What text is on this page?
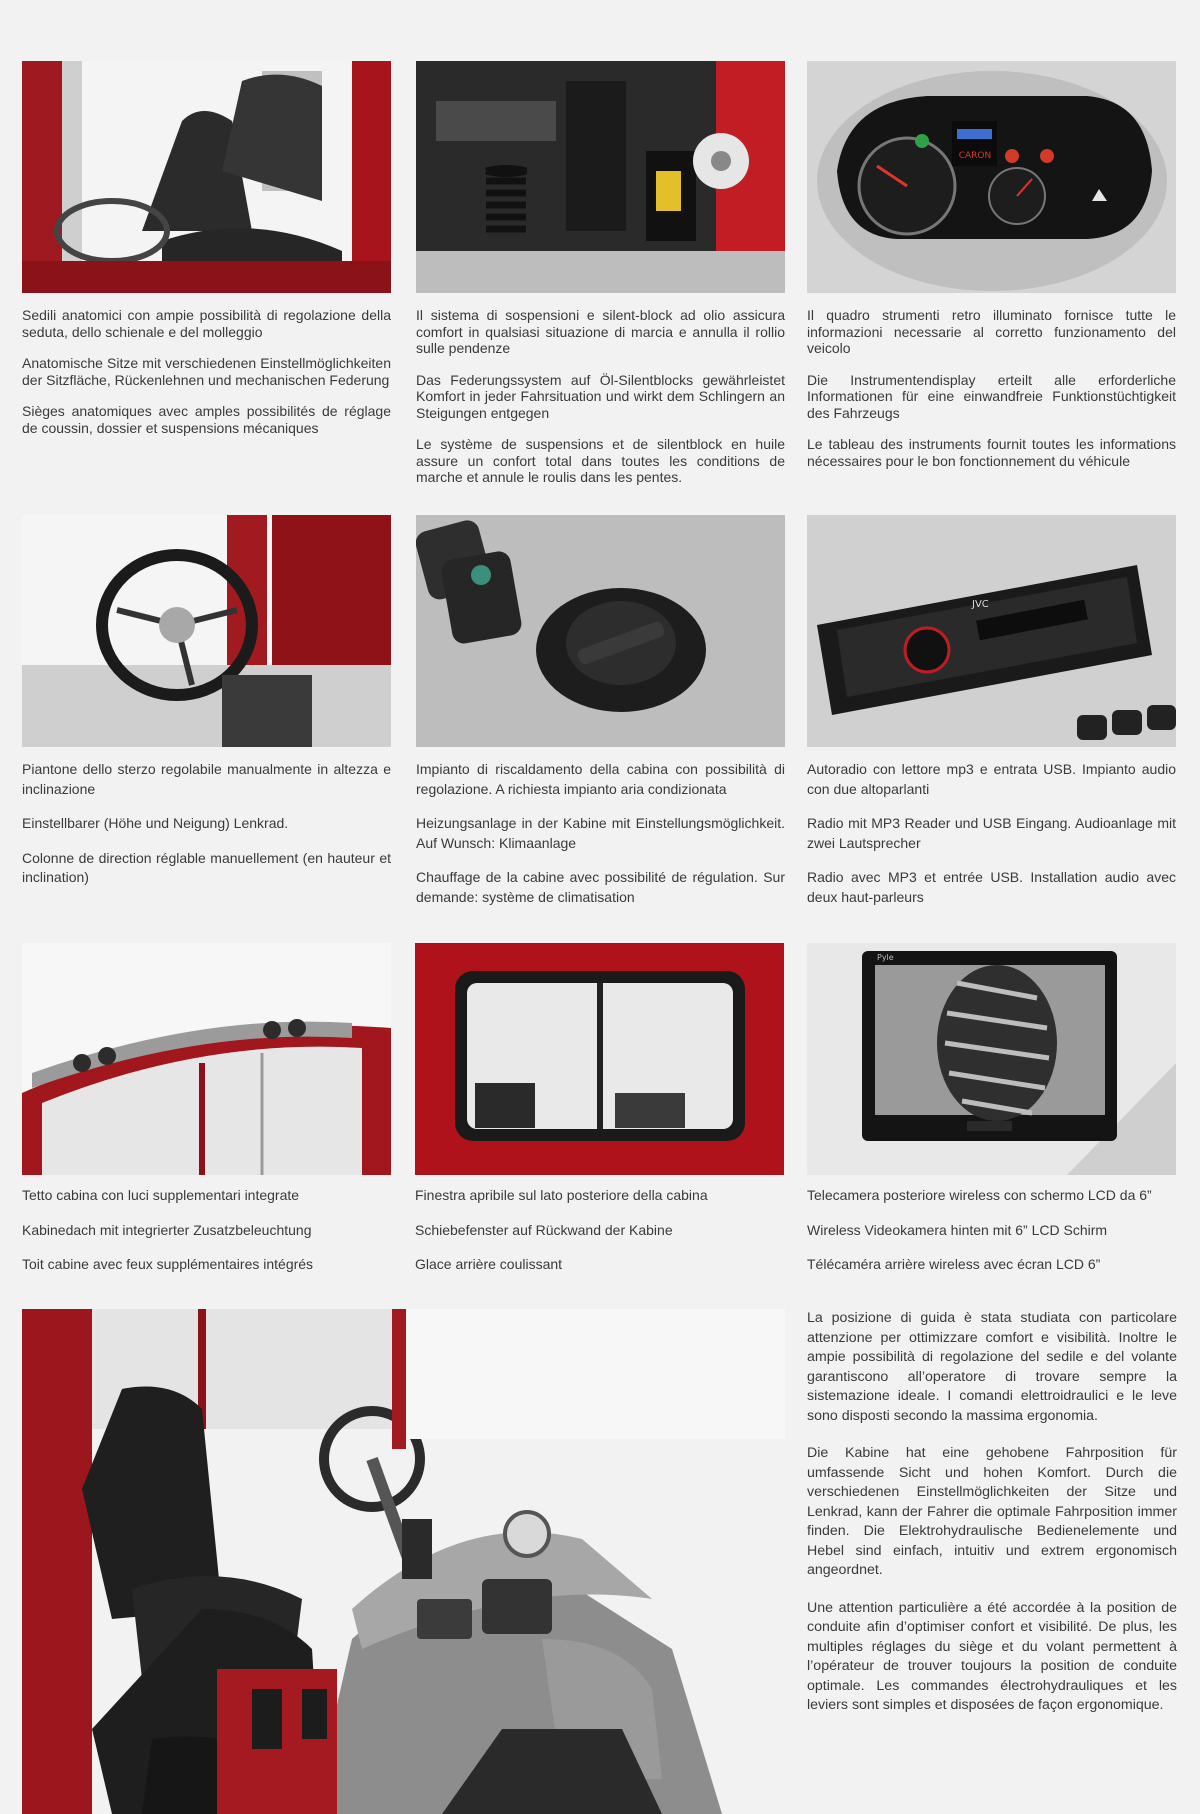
Sedili anatomici con ampie possibilità di regolazione della seduta, dello schienale e del molleggio

Anatomische Sitze mit verschiedenen Einstellmöglichkeiten der Sitzfläche, Rückenlehnen und mechanischen Federung

Sièges anatomiques avec amples possibilités de réglage de coussin, dossier et suspensions mécaniques

Il sistema di sospensioni e silent-block ad olio assicura comfort in qualsiasi situazione di marcia e annulla il rollio sulle pendenze

Das Federungssystem auf Öl-Silentblocks gewährleistet Komfort in jeder Fahrsituation und wirkt dem Schlingern an Steigungen entgegen

Le système de suspensions et de silentblock en huile assure un confort total dans toutes les conditions de marche et annule le roulis dans les pentes.

CARON

Il quadro strumenti retro illuminato fornisce tutte le informazioni necessarie al corretto funzionamento del veicolo

Die Instrumentendisplay erteilt alle erforderliche Informationen für eine einwandfreie Funktionstüchtigkeit des Fahrzeugs

Le tableau des instruments fournit toutes les informations nécessaires pour le bon fonctionnement du véhicule

Piantone dello sterzo regolabile manualmente in altezza e inclinazione

Einstellbarer (Höhe und Neigung) Lenkrad.

Colonne de direction réglable manuellement (en hauteur et inclination)

Impianto di riscaldamento della cabina con possibilità di regolazione. A richiesta impianto aria condizionata

Heizungsanlage in der Kabine mit Einstellungsmöglichkeit. Auf Wunsch: Klimaanlage

Chauffage de la cabine avec possibilité de régulation. Sur demande: système de climatisation

JVC

Autoradio con lettore mp3 e entrata USB. Impianto audio con due altoparlanti

Radio mit MP3 Reader und USB Eingang. Audioanlage mit zwei Lautsprecher

Radio avec MP3 et entrée USB. Installation audio avec deux haut-parleurs

Tetto cabina con luci supplementari integrate

Kabinedach mit integrierter Zusatzbeleuchtung

Toit cabine avec feux supplémentaires intégrés

Finestra apribile sul lato posteriore della cabina

Schiebefenster auf Rückwand der Kabine

Glace arrière coulissant

Pyle

Telecamera posteriore wireless con schermo LCD da 6”

Wireless Videokamera hinten mit 6” LCD Schirm

Télécaméra arrière wireless avec écran LCD 6”

La posizione di guida è stata studiata con particolare attenzione per ottimizzare comfort e visibilità. Inoltre le ampie possibilità di regolazione del sedile e del volante garantiscono all’operatore di trovare sempre la sistemazione ideale. I comandi elettroidraulici e le leve sono disposti secondo la massima ergonomia.

Die Kabine hat eine gehobene Fahrposition für umfassende Sicht und hohen Komfort. Durch die verschiedenen Einstellmöglichkeiten der Sitze und Lenkrad, kann der Fahrer die optimale Fahrposition immer finden. Die Elektrohydraulische Bedienelemente und Hebel sind einfach, intuitiv und extrem ergonomisch angeordnet.

Une attention particulière a été accordée à la position de conduite afin d’optimiser confort et visibilité. De plus, les multiples réglages du siège et du volant permettent à l’opérateur de trouver toujours la position de conduite optimale. Les commandes électrohydrauliques et les leviers sont simples et disposées de façon ergonomique.
